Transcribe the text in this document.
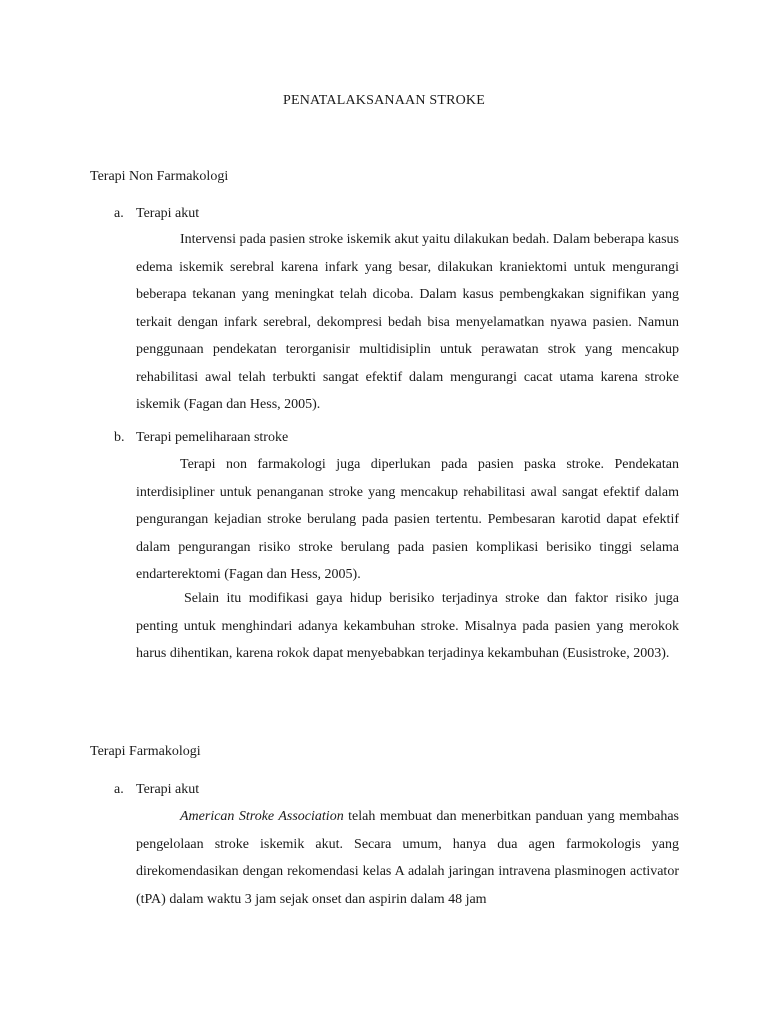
PENATALAKSANAAN STROKE
Terapi Non Farmakologi
a. Terapi akut

Intervensi pada pasien stroke iskemik akut yaitu dilakukan bedah. Dalam beberapa kasus edema iskemik serebral karena infark yang besar, dilakukan kraniektomi untuk mengurangi beberapa tekanan yang meningkat telah dicoba. Dalam kasus pembengkakan signifikan yang terkait dengan infark serebral, dekompresi bedah bisa menyelamatkan nyawa pasien. Namun penggunaan pendekatan terorganisir multidisiplin untuk perawatan strok yang mencakup rehabilitasi awal telah terbukti sangat efektif dalam mengurangi cacat utama karena stroke iskemik (Fagan dan Hess, 2005).

b. Terapi pemeliharaan stroke

Terapi non farmakologi juga diperlukan pada pasien paska stroke. Pendekatan interdisipliner untuk penanganan stroke yang mencakup rehabilitasi awal sangat efektif dalam pengurangan kejadian stroke berulang pada pasien tertentu. Pembesaran karotid dapat efektif dalam pengurangan risiko stroke berulang pada pasien komplikasi berisiko tinggi selama endarterektomi (Fagan dan Hess, 2005).

Selain itu modifikasi gaya hidup berisiko terjadinya stroke dan faktor risiko juga penting untuk menghindari adanya kekambuhan stroke. Misalnya pada pasien yang merokok harus dihentikan, karena rokok dapat menyebabkan terjadinya kekambuhan (Eusistroke, 2003).

Terapi Farmakologi
a. Terapi akut

American Stroke Association telah membuat dan menerbitkan panduan yang membahas pengelolaan stroke iskemik akut. Secara umum, hanya dua agen farmokologis yang direkomendasikan dengan rekomendasi kelas A adalah jaringan intravena plasminogen activator (tPA) dalam waktu 3 jam sejak onset dan aspirin dalam 48 jam
